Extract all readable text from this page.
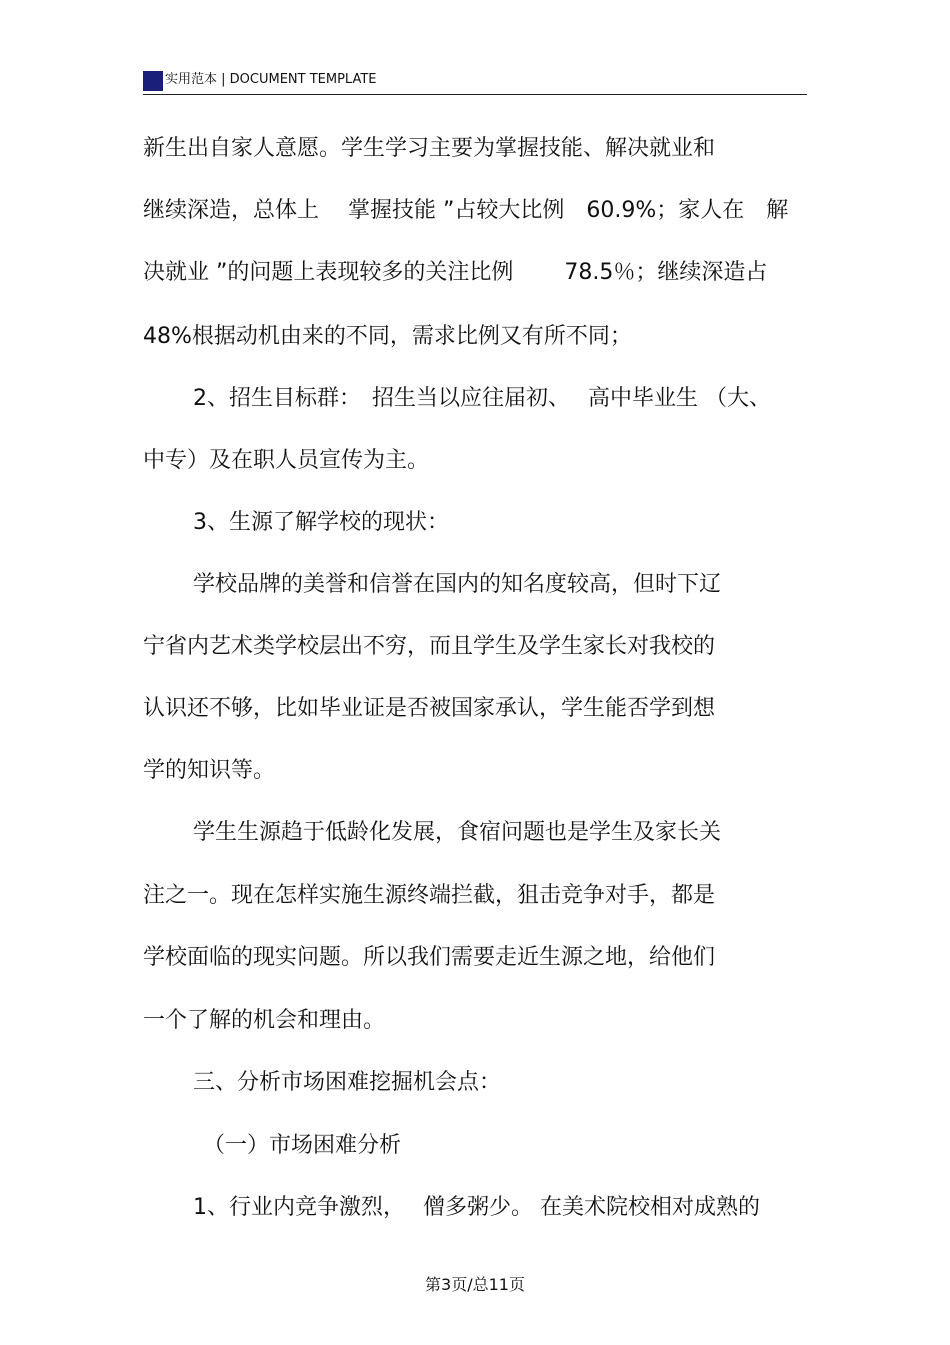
实用范本 | DOCUMENT TEMPLATE
新生出自家人意愿。学生学习主要为掌握技能、解决就业和
继续深造，总体上　 掌握技能 ”占较大比例　60.9%；家人在　解
决就业 ”的问题上表现较多的关注比例　　 78.5％；继续深造占
48%根据动机由来的不同，需求比例又有所不同；
2、招生目标群：　招生当以应往届初、　 高中毕业生 （大、
中专）及在职人员宣传为主。
3、生源了解学校的现状：
学校品牌的美誉和信誉在国内的知名度较高，但时下辽
宁省内艺术类学校层出不穷，而且学生及学生家长对我校的
认识还不够，比如毕业证是否被国家承认，学生能否学到想
学的知识等。
学生生源趋于低龄化发展，食宿问题也是学生及家长关
注之一。现在怎样实施生源终端拦截，狙击竞争对手，都是
学校面临的现实问题。所以我们需要走近生源之地，给他们
一个了解的机会和理由。
三、分析市场困难挖掘机会点：
（一）市场困难分析
1、行业内竞争激烈，　 僧多粥少。 在美术院校相对成熟的
第3页/总11页
